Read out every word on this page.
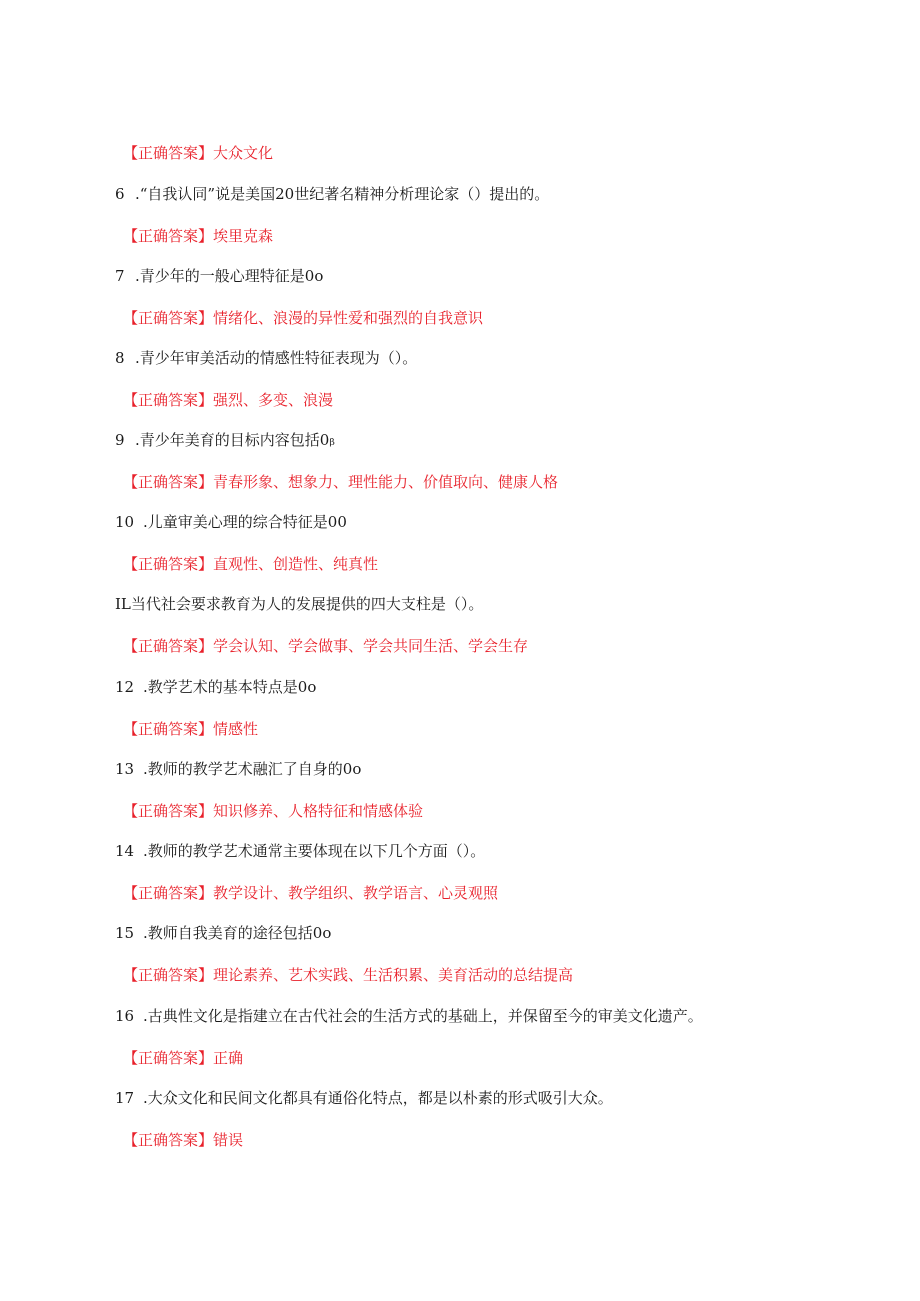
【正确答案】大众文化
6 .“自我认同”说是美国20世纪著名精神分析理论家（）提出的。
【正确答案】埃里克森
7 .青少年的一般心理特征是0o
【正确答案】情绪化、浪漫的异性爱和强烈的自我意识
8 .青少年审美活动的情感性特征表现为（）。
【正确答案】强烈、多变、浪漫
9 .青少年美育的目标内容包括0ᵦ
【正确答案】青春形象、想象力、理性能力、价值取向、健康人格
10 .儿童审美心理的综合特征是00
【正确答案】直观性、创造性、纯真性
IL当代社会要求教育为人的发展提供的四大支柱是（）。
【正确答案】学会认知、学会做事、学会共同生活、学会生存
12 .教学艺术的基本特点是0o
【正确答案】情感性
13 .教师的教学艺术融汇了自身的0o
【正确答案】知识修养、人格特征和情感体验
14 .教师的教学艺术通常主要体现在以下几个方面（）。
【正确答案】教学设计、教学组织、教学语言、心灵观照
15 .教师自我美育的途径包括0o
【正确答案】理论素养、艺术实践、生活积累、美育活动的总结提高
16 .古典性文化是指建立在古代社会的生活方式的基础上，并保留至今的审美文化遗产。
【正确答案】正确
17 .大众文化和民间文化都具有通俗化特点，都是以朴素的形式吸引大众。
【正确答案】错误
